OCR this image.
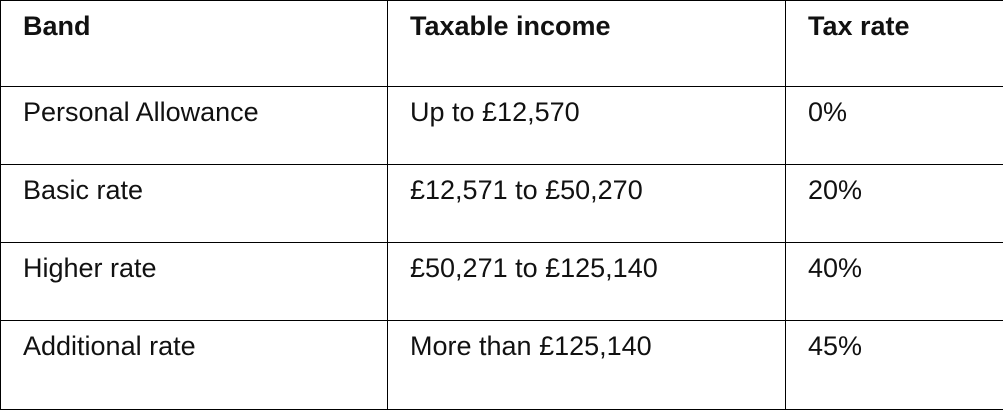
Band	Taxable income	Tax rate
Personal Allowance	Up to £12,570	0%
Basic rate	£12,571 to £50,270	20%
Higher rate	£50,271 to £125,140	40%
Additional rate	More than £125,140	45%
